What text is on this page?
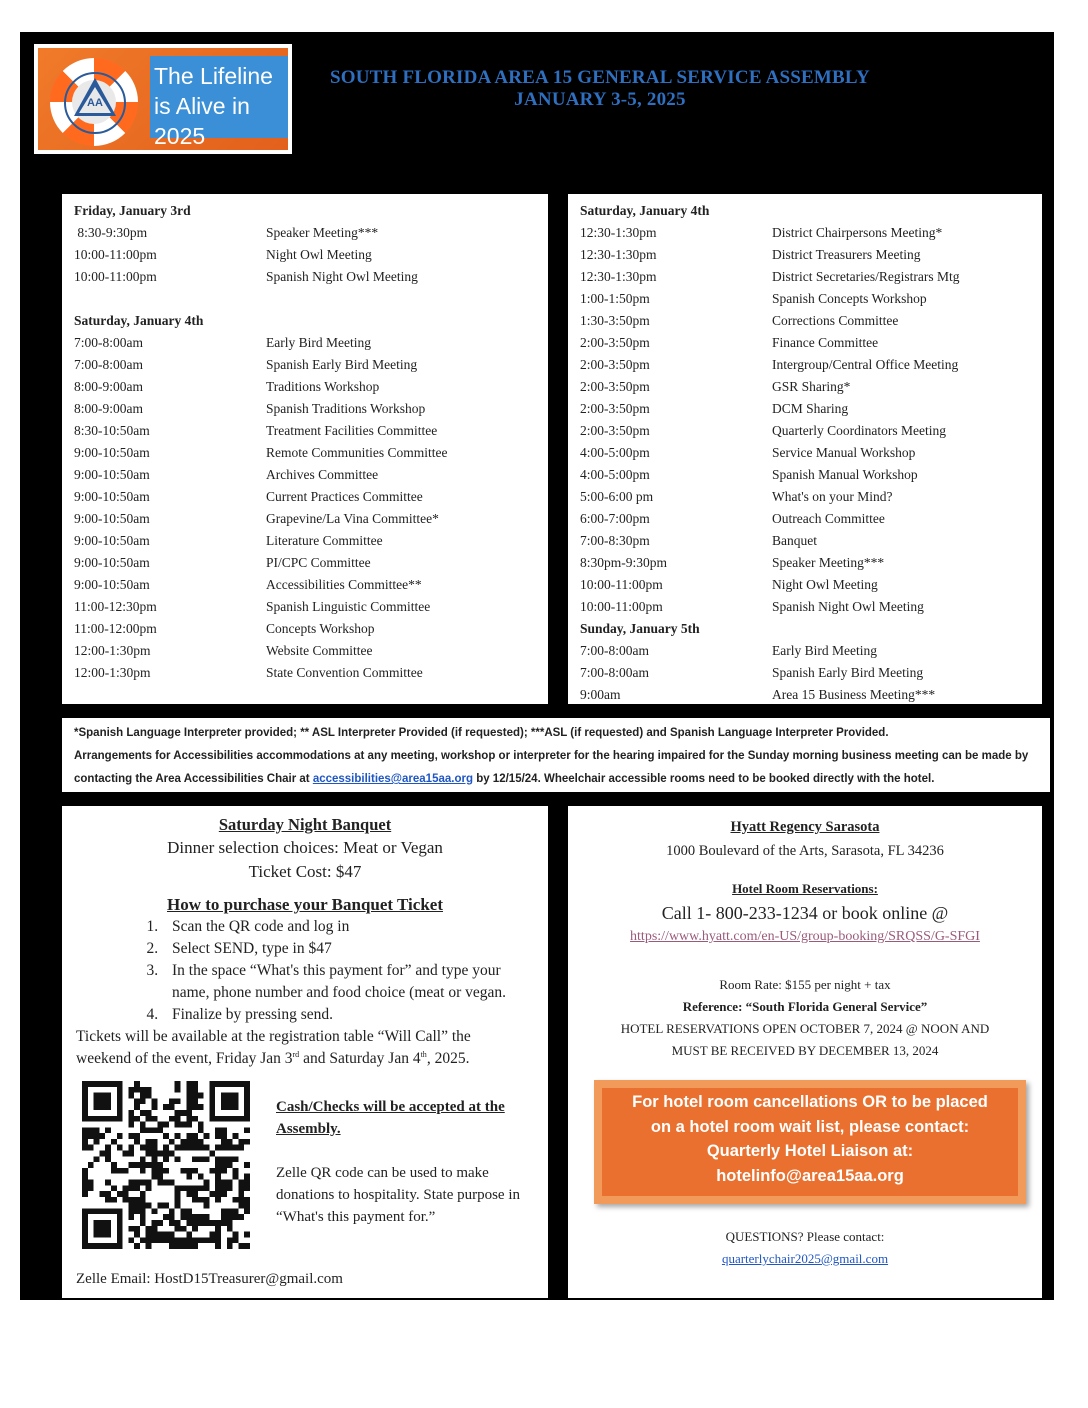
AA
The Lifeline is Alive in 2025
SOUTH FLORIDA AREA 15 GENERAL SERVICE ASSEMBLY
JANUARY 3-5, 2025
Friday, January 3rd
8:30-9:30pm	Speaker Meeting***
10:00-11:00pm	Night Owl Meeting
10:00-11:00pm	Spanish Night Owl Meeting
Saturday, January 4th
7:00-8:00am	Early Bird Meeting
7:00-8:00am	Spanish Early Bird Meeting
8:00-9:00am	Traditions Workshop
8:00-9:00am	Spanish Traditions Workshop
8:30-10:50am	Treatment Facilities Committee
9:00-10:50am	Remote Communities Committee
9:00-10:50am	Archives Committee
9:00-10:50am	Current Practices Committee
9:00-10:50am	Grapevine/La Vina Committee*
9:00-10:50am	Literature Committee
9:00-10:50am	PI/CPC Committee
9:00-10:50am	Accessibilities Committee**
11:00-12:30pm	Spanish Linguistic Committee
11:00-12:00pm	Concepts Workshop
12:00-1:30pm	Website Committee
12:00-1:30pm	State Convention Committee
Saturday, January 4th
12:30-1:30pm	District Chairpersons Meeting*
12:30-1:30pm	District Treasurers Meeting
12:30-1:30pm	District Secretaries/Registrars Mtg
1:00-1:50pm	Spanish Concepts Workshop
1:30-3:50pm	Corrections Committee
2:00-3:50pm	Finance Committee
2:00-3:50pm	Intergroup/Central Office Meeting
2:00-3:50pm	GSR Sharing*
2:00-3:50pm	DCM Sharing
2:00-3:50pm	Quarterly Coordinators Meeting
4:00-5:00pm	Service Manual Workshop
4:00-5:00pm	Spanish Manual Workshop
5:00-6:00 pm	What's on your Mind?
6:00-7:00pm	Outreach Committee
7:00-8:30pm	Banquet
8:30pm-9:30pm	Speaker Meeting***
10:00-11:00pm	Night Owl Meeting
10:00-11:00pm	Spanish Night Owl Meeting
Sunday, January 5th
7:00-8:00am	Early Bird Meeting
7:00-8:00am	Spanish Early Bird Meeting
9:00am	Area 15 Business Meeting***
*Spanish Language Interpreter provided; ** ASL Interpreter Provided (if requested); ***ASL (if requested) and Spanish Language Interpreter Provided.
Arrangements for Accessibilities accommodations at any meeting, workshop or interpreter for the hearing impaired for the Sunday morning business meeting can be made by
contacting the Area Accessibilities Chair at accessibilities@area15aa.org by 12/15/24. Wheelchair accessible rooms need to be booked directly with the hotel.
Saturday Night Banquet
Dinner selection choices: Meat or Vegan
Ticket Cost: $47
How to purchase your Banquet Ticket
1. Scan the QR code and log in
2. Select SEND, type in $47
3. In the space “What's this payment for” and type your name, phone number and food choice (meat or vegan.
4. Finalize by pressing send.
Tickets will be available at the registration table “Will Call” the weekend of the event, Friday Jan 3rd and Saturday Jan 4th, 2025.
Cash/Checks will be accepted at the Assembly.
Zelle QR code can be used to make donations to hospitality. State purpose in “What's this payment for.”
Zelle Email: HostD15Treasurer@gmail.com
Hyatt Regency Sarasota
1000 Boulevard of the Arts, Sarasota, FL 34236
Hotel Room Reservations:
Call 1- 800-233-1234 or book online @
https://www.hyatt.com/en-US/group-booking/SRQSS/G-SFGI
Room Rate: $155 per night + tax
Reference: “South Florida General Service”
HOTEL RESERVATIONS OPEN OCTOBER 7, 2024 @ NOON AND
MUST BE RECEIVED BY DECEMBER 13, 2024
For hotel room cancellations OR to be placed
on a hotel room wait list, please contact:
Quarterly Hotel Liaison at:
hotelinfo@area15aa.org
QUESTIONS? Please contact:
quarterlychair2025@gmail.com
